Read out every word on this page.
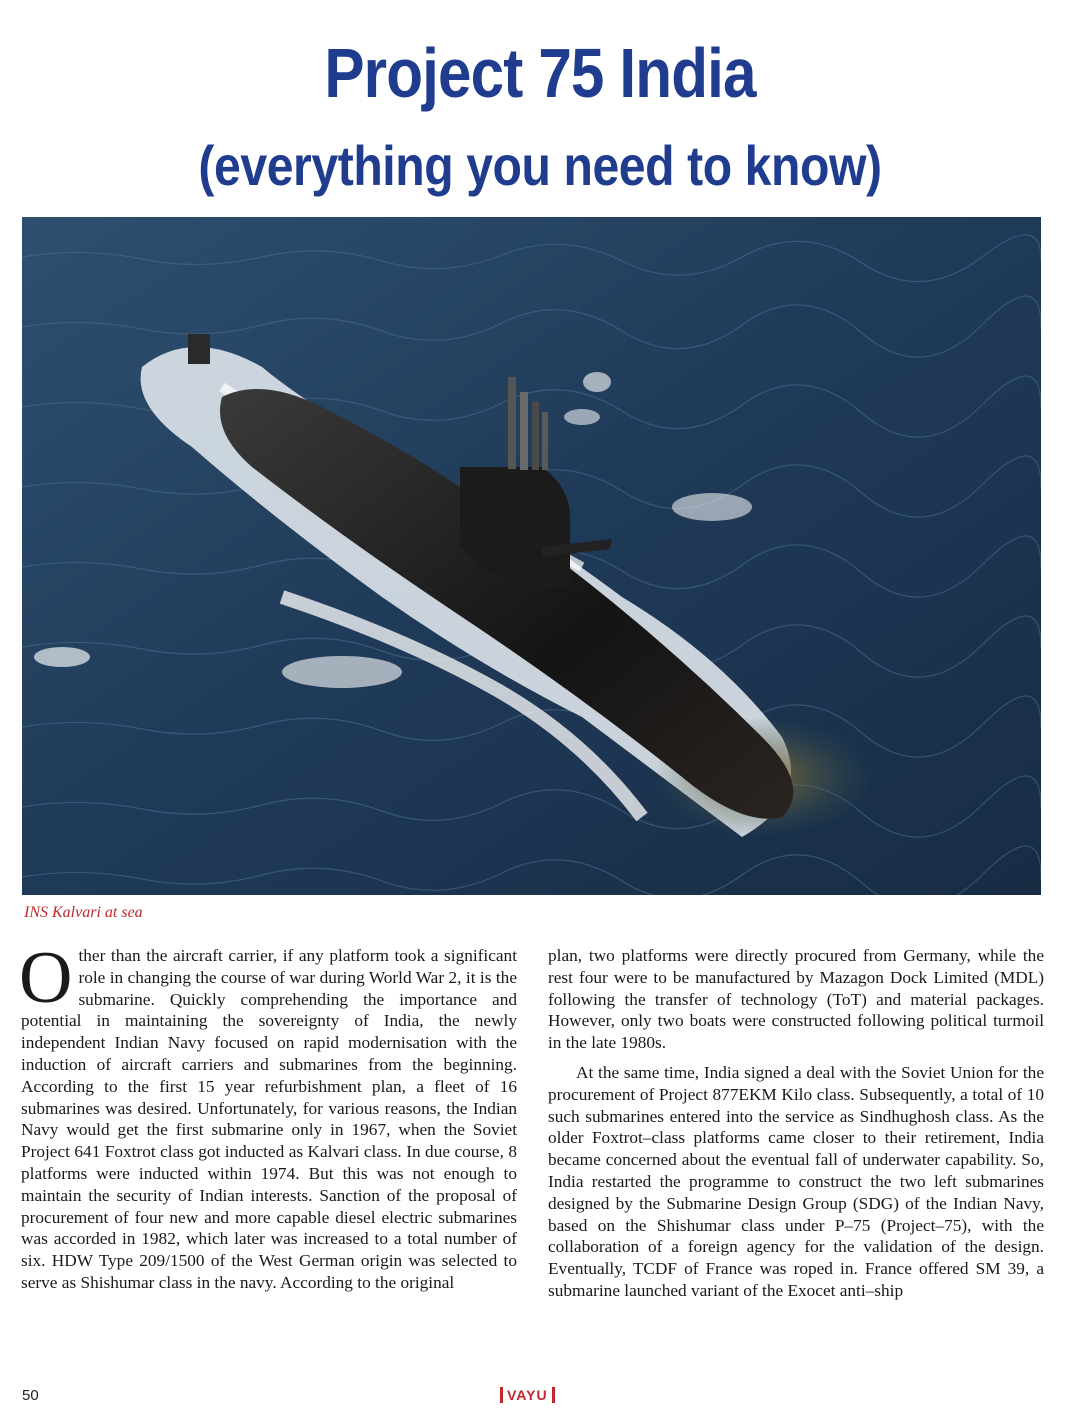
Project 75 India
(everything you need to know)
INS Kalvari at sea

Other than the aircraft carrier, if any platform took a significant role in changing the course of war during World War 2, it is the submarine. Quickly comprehending the importance and potential in maintaining the sovereignty of India, the newly independent Indian Navy focused on rapid modernisation with the induction of aircraft carriers and submarines from the beginning. According to the first 15 year refurbishment plan, a fleet of 16 submarines was desired. Unfortunately, for various reasons, the Indian Navy would get the first submarine only in 1967, when the Soviet Project 641 Foxtrot class got inducted as Kalvari class. In due course, 8 platforms were inducted within 1974. But this was not enough to maintain the security of Indian interests. Sanction of the proposal of procurement of four new and more capable diesel electric submarines was accorded in 1982, which later was increased to a total number of six. HDW Type 209/1500 of the West German origin was selected to serve as Shishumar class in the navy. According to the original

plan, two platforms were directly procured from Germany, while the rest four were to be manufactured by Mazagon Dock Limited (MDL) following the transfer of technology (ToT) and material packages. However, only two boats were constructed following political turmoil in the late 1980s.

At the same time, India signed a deal with the Soviet Union for the procurement of Project 877EKM Kilo class. Subsequently, a total of 10 such submarines entered into the service as Sindhughosh class. As the older Foxtrot–class platforms came closer to their retirement, India became concerned about the eventual fall of underwater capability. So, India restarted the programme to construct the two left submarines designed by the Submarine Design Group (SDG) of the Indian Navy, based on the Shishumar class under P–75 (Project–75), with the collaboration of a foreign agency for the validation of the design. Eventually, TCDF of France was roped in. France offered SM 39, a submarine launched variant of the Exocet anti–ship

50	VAYU
